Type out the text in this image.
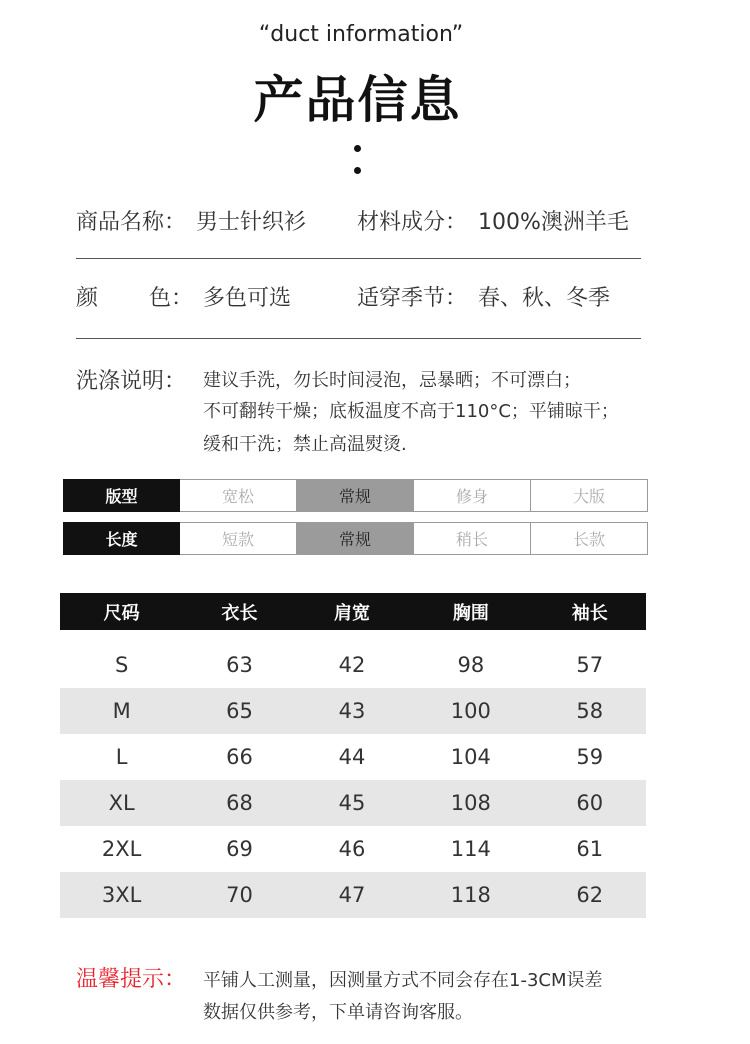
“duct information”
产品信息
商品名称： 男士针织衫 材料成分： 100%澳洲羊毛
颜 色： 多色可选	适穿季节： 春、秋、冬季
洗涤说明： 建议手洗，勿长时间浸泡，忌暴晒；不可漂白；
不可翻转干燥；底板温度不高于110°C；平铺晾干；
缓和干洗；禁止高温熨烫.
版型	宽松	常规	修身	大版
长度	短款	常规	稍长	长款
尺码	衣长	肩宽	胸围	袖长

S	63	42	98	57
M	65	43	100	58
L	66	44	104	59
XL	68	45	108	60
2XL	69	46	114	61
3XL	70	47	118	62
温馨提示： 平铺人工测量，因测量方式不同会存在1-3CM误差
数据仅供参考，下单请咨询客服。
